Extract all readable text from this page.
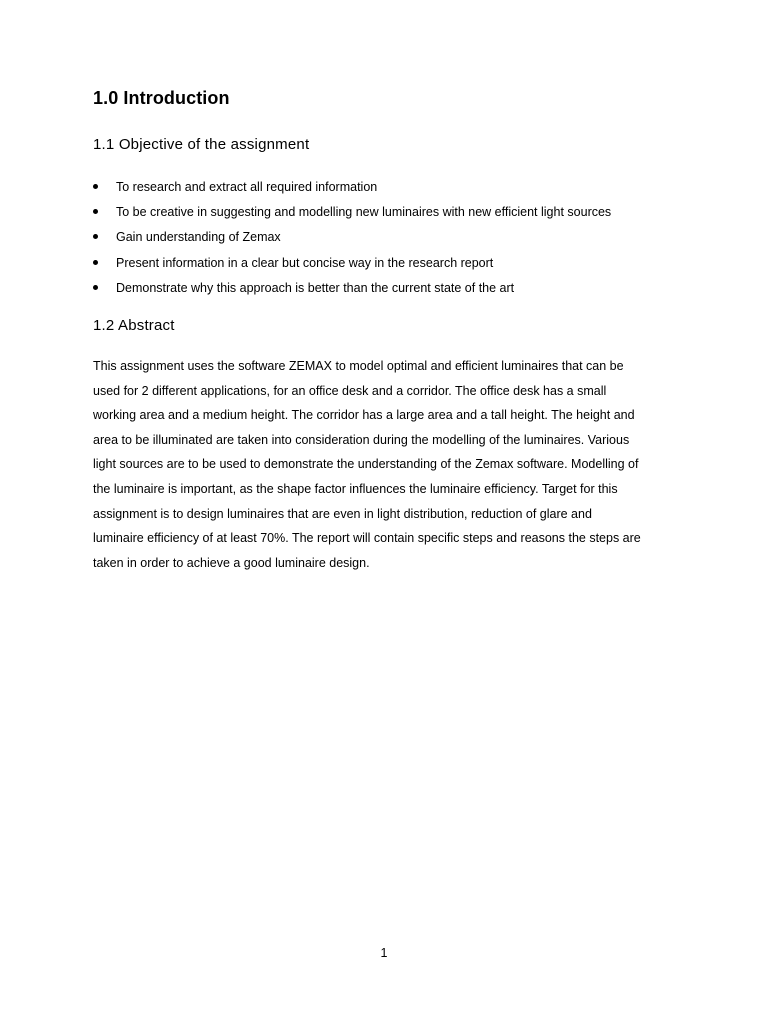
1.0 Introduction
1.1 Objective of the assignment
To research and extract all required information
To be creative in suggesting and modelling new luminaires with new efficient light sources
Gain understanding of Zemax
Present information in a clear but concise way in the research report
Demonstrate why this approach is better than the current state of the art
1.2 Abstract

This assignment uses the software ZEMAX to model optimal and efficient luminaires that can be
used for 2 different applications, for an office desk and a corridor. The office desk has a small
working area and a medium height. The corridor has a large area and a tall height. The height and
area to be illuminated are taken into consideration during the modelling of the luminaires. Various
light sources are to be used to demonstrate the understanding of the Zemax software. Modelling of
the luminaire is important, as the shape factor influences the luminaire efficiency. Target for this
assignment is to design luminaires that are even in light distribution, reduction of glare and
luminaire efficiency of at least 70%. The report will contain specific steps and reasons the steps are
taken in order to achieve a good luminaire design.

1
